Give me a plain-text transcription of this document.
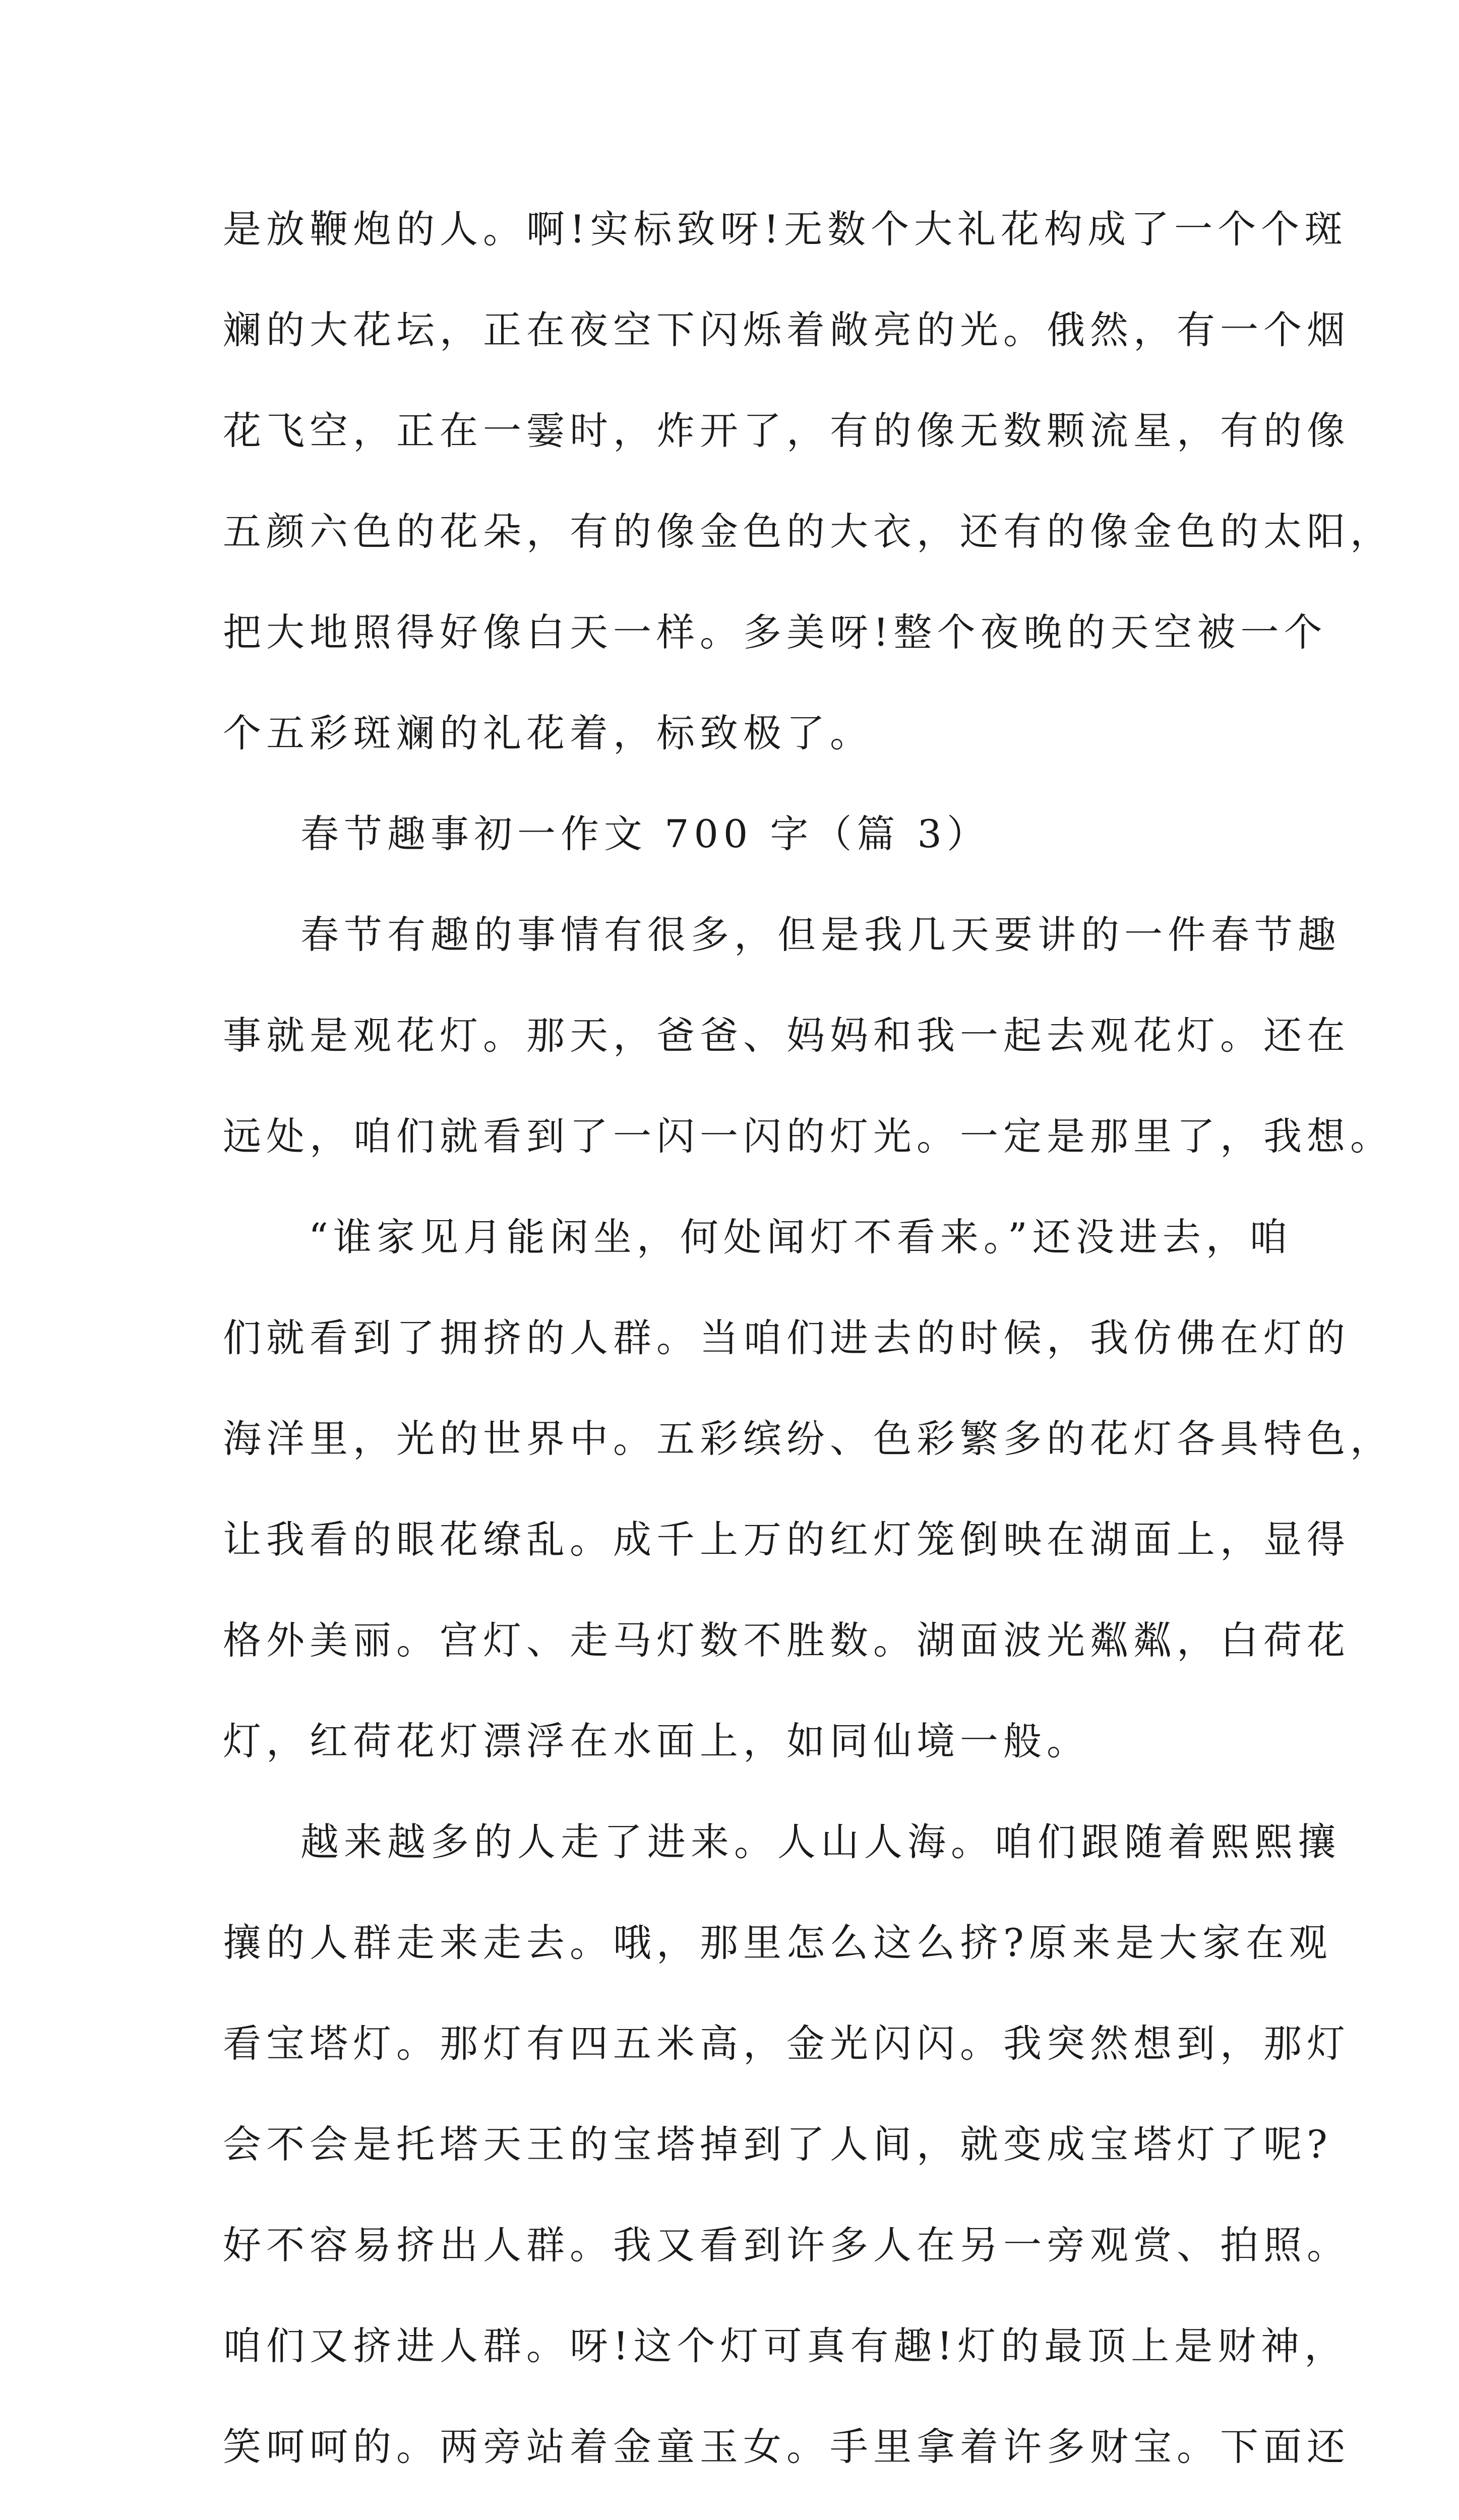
是放鞭炮的人。啊!实标致呀!无数个大礼花构成了一个个斑
斓的大花坛，正在夜空下闪烁着敞亮的光。俄然，有一个烟
花飞空，正在一霎时，炸开了，有的像无数颗流星，有的像
五颜六色的花朵，有的像金色的大衣，还有的像金色的太阳，
把大地照得好像白天一样。多美呀!整个夜晚的天空被一个
个五彩斑斓的礼花着，标致极了。
春节趣事初一作文 700 字（篇 3）
春节有趣的事情有很多，但是我几天要讲的一件春节趣
事就是观花灯。那天，爸爸、妈妈和我一起去观花灯。还在
远处，咱们就看到了一闪一闪的灯光。一定是那里了，我想。
“谁家见月能闲坐，何处闻灯不看来。”还没进去，咱
们就看到了拥挤的人群。当咱们进去的时候，我仿佛在灯的
海洋里，光的世界中。五彩缤纷、色彩繁多的花灯各具特色，
让我看的眼花缭乱。成千上万的红灯笼倒映在湖面上，显得
格外美丽。宫灯、走马灯数不胜数。湖面波光粼粼，白荷花
灯，红荷花灯漂浮在水面上，如同仙境一般。
越来越多的人走了进来。人山人海。咱们跟随着熙熙攘
攘的人群走来走去。哦，那里怎么这么挤?原来是大家在观
看宝塔灯。那灯有四五米高，金光闪闪。我突然想到，那灯
会不会是托塔天王的宝塔掉到了人间，就变成宝塔灯了呢?
好不容易挤出人群。我又看到许多人在另一旁观赏、拍照。
咱们又挤进人群。呀!这个灯可真有趣!灯的最顶上是财神，
笑呵呵的。两旁站着金童玉女。手里拿着许多财宝。下面还
